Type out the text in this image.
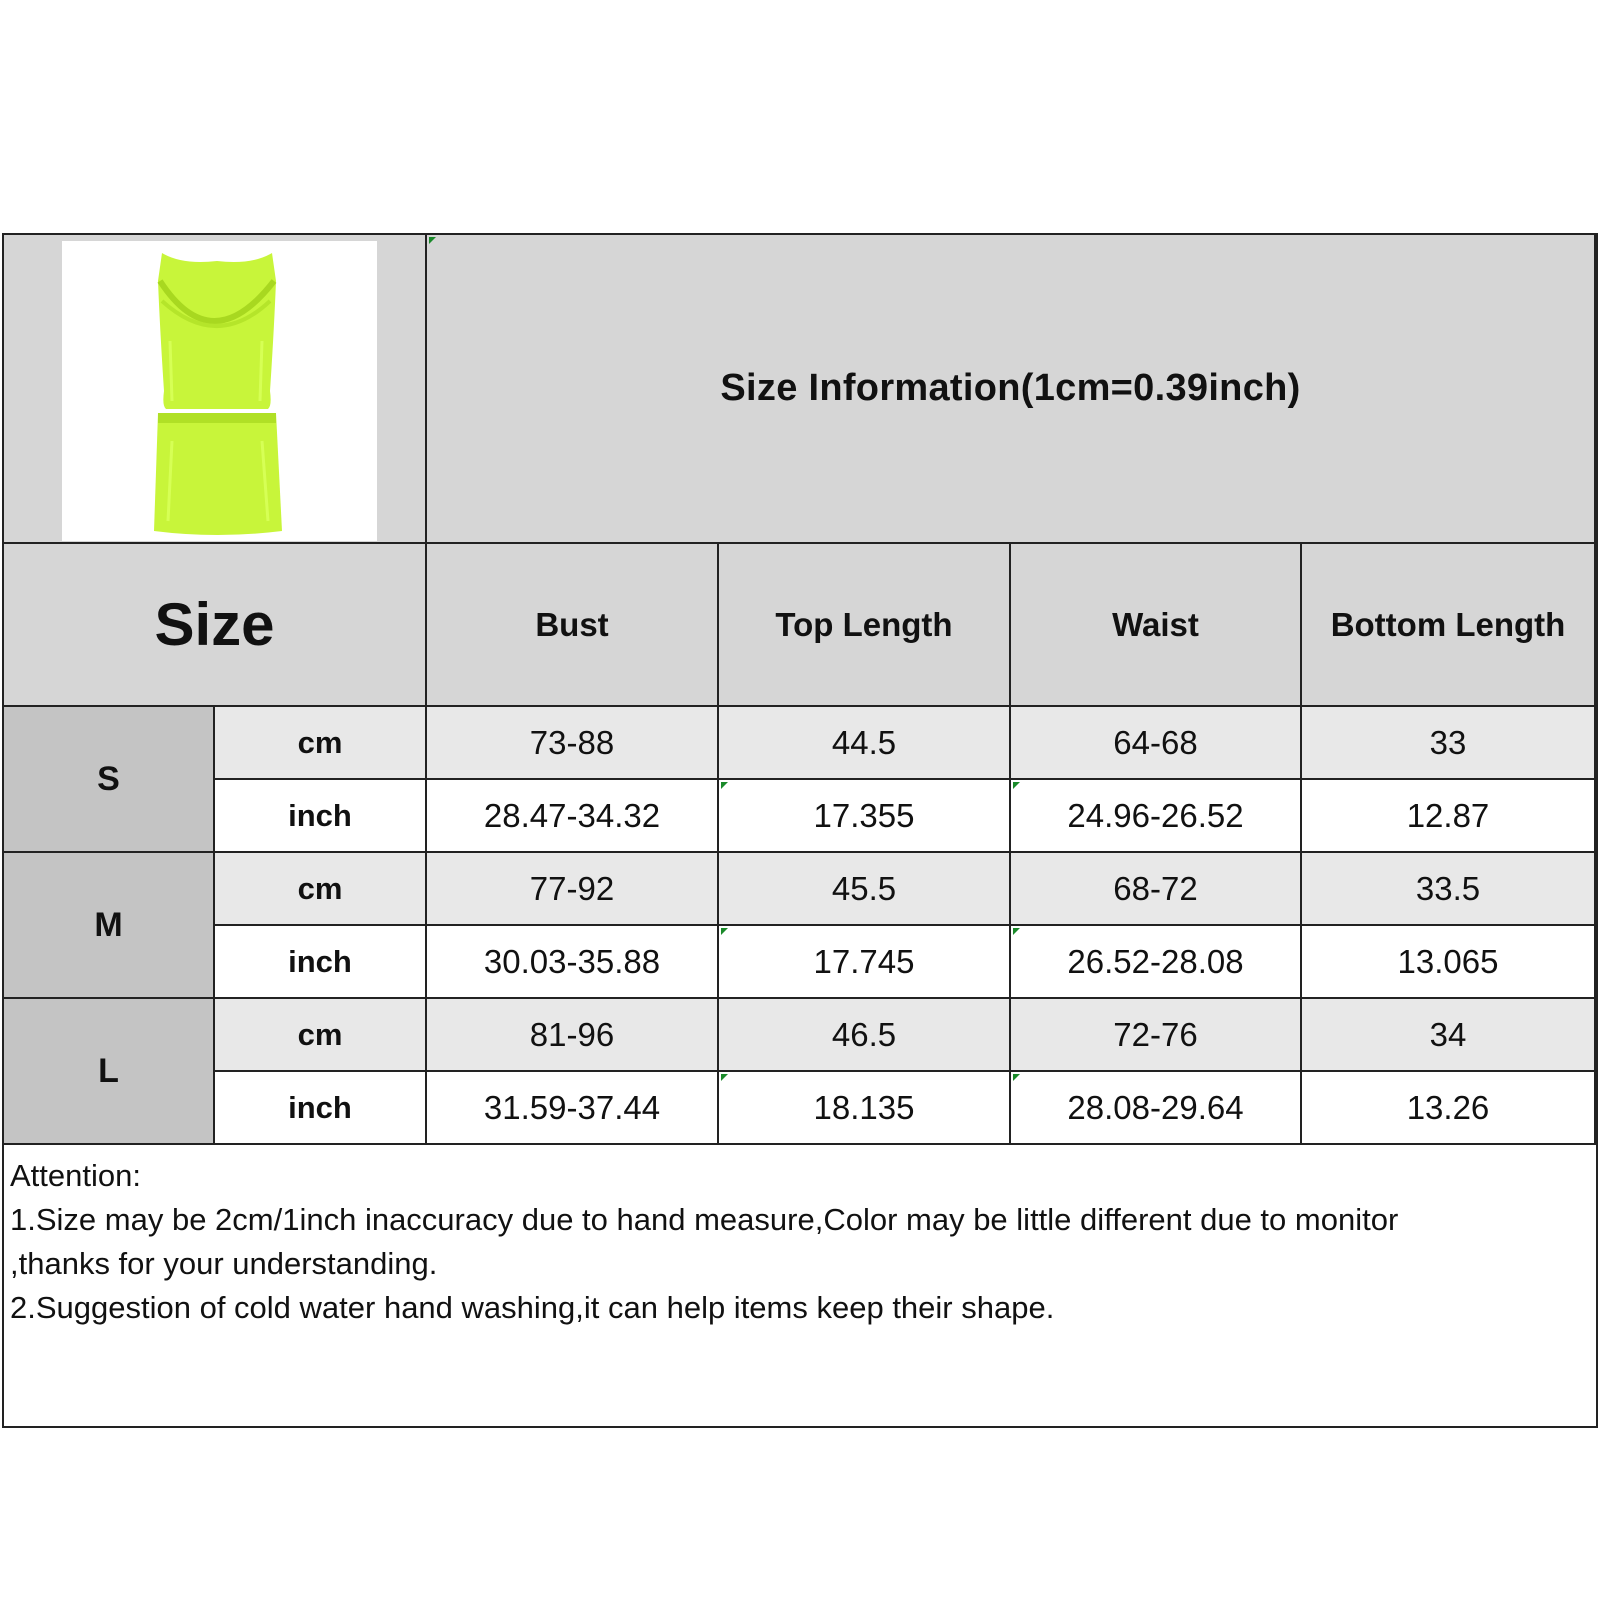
Size Information(1cm=0.39inch)
Size	Bust	Top Length	Waist	Bottom Length
S
cm	73-88	44.5	64-68	33
inch	28.47-34.32	17.355	24.96-26.52	12.87
M
cm	77-92	45.5	68-72	33.5
inch	30.03-35.88	17.745	26.52-28.08	13.065
L
cm	81-96	46.5	72-76	34
inch	31.59-37.44	18.135	28.08-29.64	13.26
Attention:
1.Size may be 2cm/1inch inaccuracy due to hand measure,Color may be little different due to monitor
,thanks for your understanding.
2.Suggestion of cold water hand washing,it can help items keep their shape.
